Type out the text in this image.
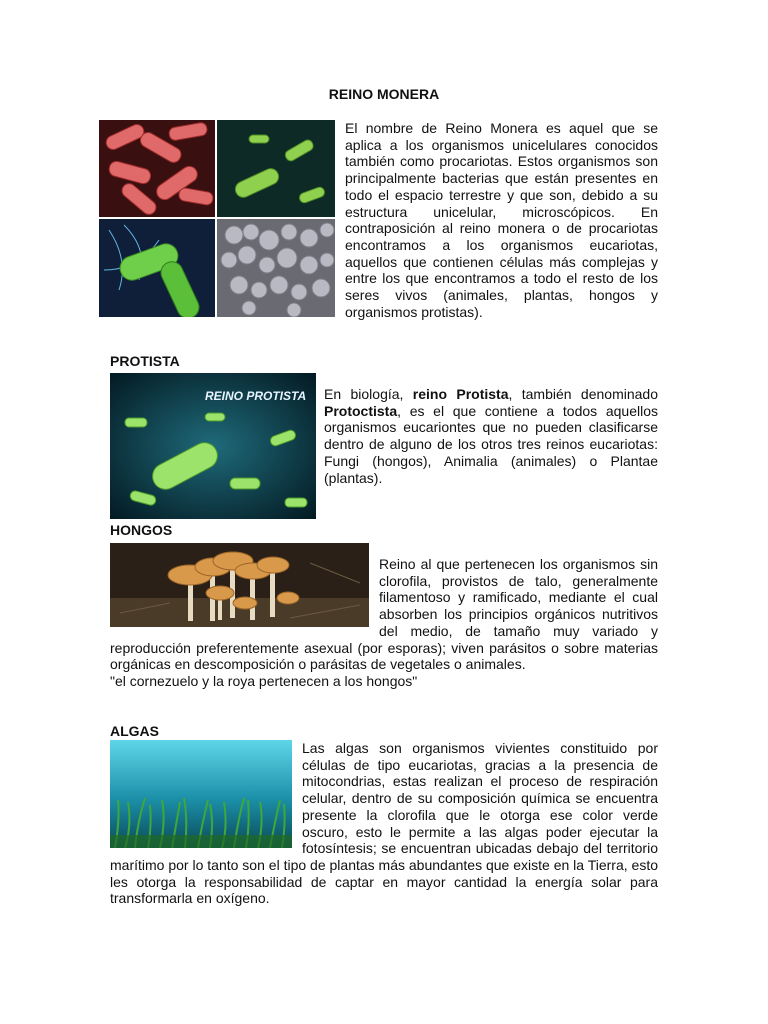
REINO MONERA

El nombre de Reino Monera es aquel que se aplica a los organismos unicelulares conocidos también como procariotas. Estos organismos son principalmente bacterias que están presentes en todo el espacio terrestre y que son, debido a su estructura unicelular, microscópicos. En contraposición al reino monera o de procariotas encontramos a los organismos eucariotas, aquellos que contienen células más complejas y entre los que encontramos a todo el resto de los seres vivos (animales, plantas, hongos y organismos protistas).

PROTISTA
REINO PROTISTA	En biología, reino Protista, también denominado Protoctista, es el que contiene a todos aquellos organismos eucariontes que no pueden clasificarse dentro de alguno de los otros tres reinos eucariotas: Fungi (hongos), Animalia (animales) o Plantae (plantas).

HONGOS

Reino al que pertenecen los organismos sin clorofila, provistos de talo, generalmente filamentoso y ramificado, mediante el cual absorben los principios orgánicos nutritivos del medio, de tamaño muy variado y reproducción preferentemente asexual (por esporas); viven parásitos o sobre materias orgánicas en descomposición o parásitas de vegetales o animales.

"el cornezuelo y la roya pertenecen a los hongos"

ALGAS

Las algas son organismos vivientes constituido por células de tipo eucariotas, gracias a la presencia de mitocondrias, estas realizan el proceso de respiración celular, dentro de su composición química se encuentra presente la clorofila que le otorga ese color verde oscuro, esto le permite a las algas poder ejecutar la fotosíntesis; se encuentran ubicadas debajo del territorio marítimo por lo tanto son el tipo de plantas más abundantes que existe en la Tierra, esto les otorga la responsabilidad de captar en mayor cantidad la energía solar para transformarla en oxígeno.
